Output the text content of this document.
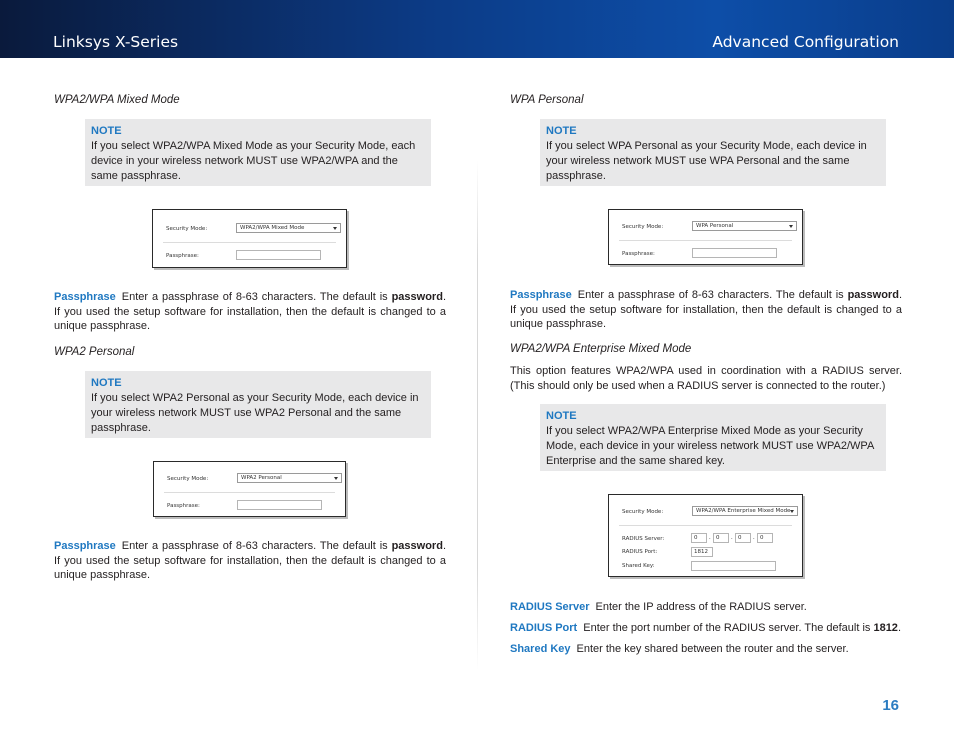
Linksys X-Series	Advanced Configuration
WPA2/WPA Mixed Mode
NOTE
If you select WPA2/WPA Mixed Mode as your Security Mode, each device in your wireless network MUST use WPA2/WPA and the same passphrase.
Security Mode:	WPA2/WPA Mixed Mode
Passphrase:
Passphrase Enter a passphrase of 8-63 characters. The default is password. If you used the setup software for installation, then the default is changed to a unique passphrase.
WPA2 Personal
NOTE
If you select WPA2 Personal as your Security Mode, each device in your wireless network MUST use WPA2 Personal and the same passphrase.
Security Mode:	WPA2 Personal
Passphrase:
Passphrase Enter a passphrase of 8-63 characters. The default is password. If you used the setup software for installation, then the default is changed to a unique passphrase.
WPA Personal
NOTE
If you select WPA Personal as your Security Mode, each device in your wireless network MUST use WPA Personal and the same passphrase.
Security Mode:	WPA Personal
Passphrase:
Passphrase Enter a passphrase of 8-63 characters. The default is password. If you used the setup software for installation, then the default is changed to a unique passphrase.
WPA2/WPA Enterprise Mixed Mode
This option features WPA2/WPA used in coordination with a RADIUS server. (This should only be used when a RADIUS server is connected to the router.)
NOTE
If you select WPA2/WPA Enterprise Mixed Mode as your Security Mode, each device in your wireless network MUST use WPA2/WPA Enterprise and the same shared key.
Security Mode:	WPA2/WPA Enterprise Mixed Mode
RADIUS Server:	0	. 0	. 0	. 0
RADIUS Port:	1812
Shared Key:
RADIUS Server Enter the IP address of the RADIUS server.
RADIUS Port Enter the port number of the RADIUS server. The default is 1812.
Shared Key Enter the key shared between the router and the server.
16
